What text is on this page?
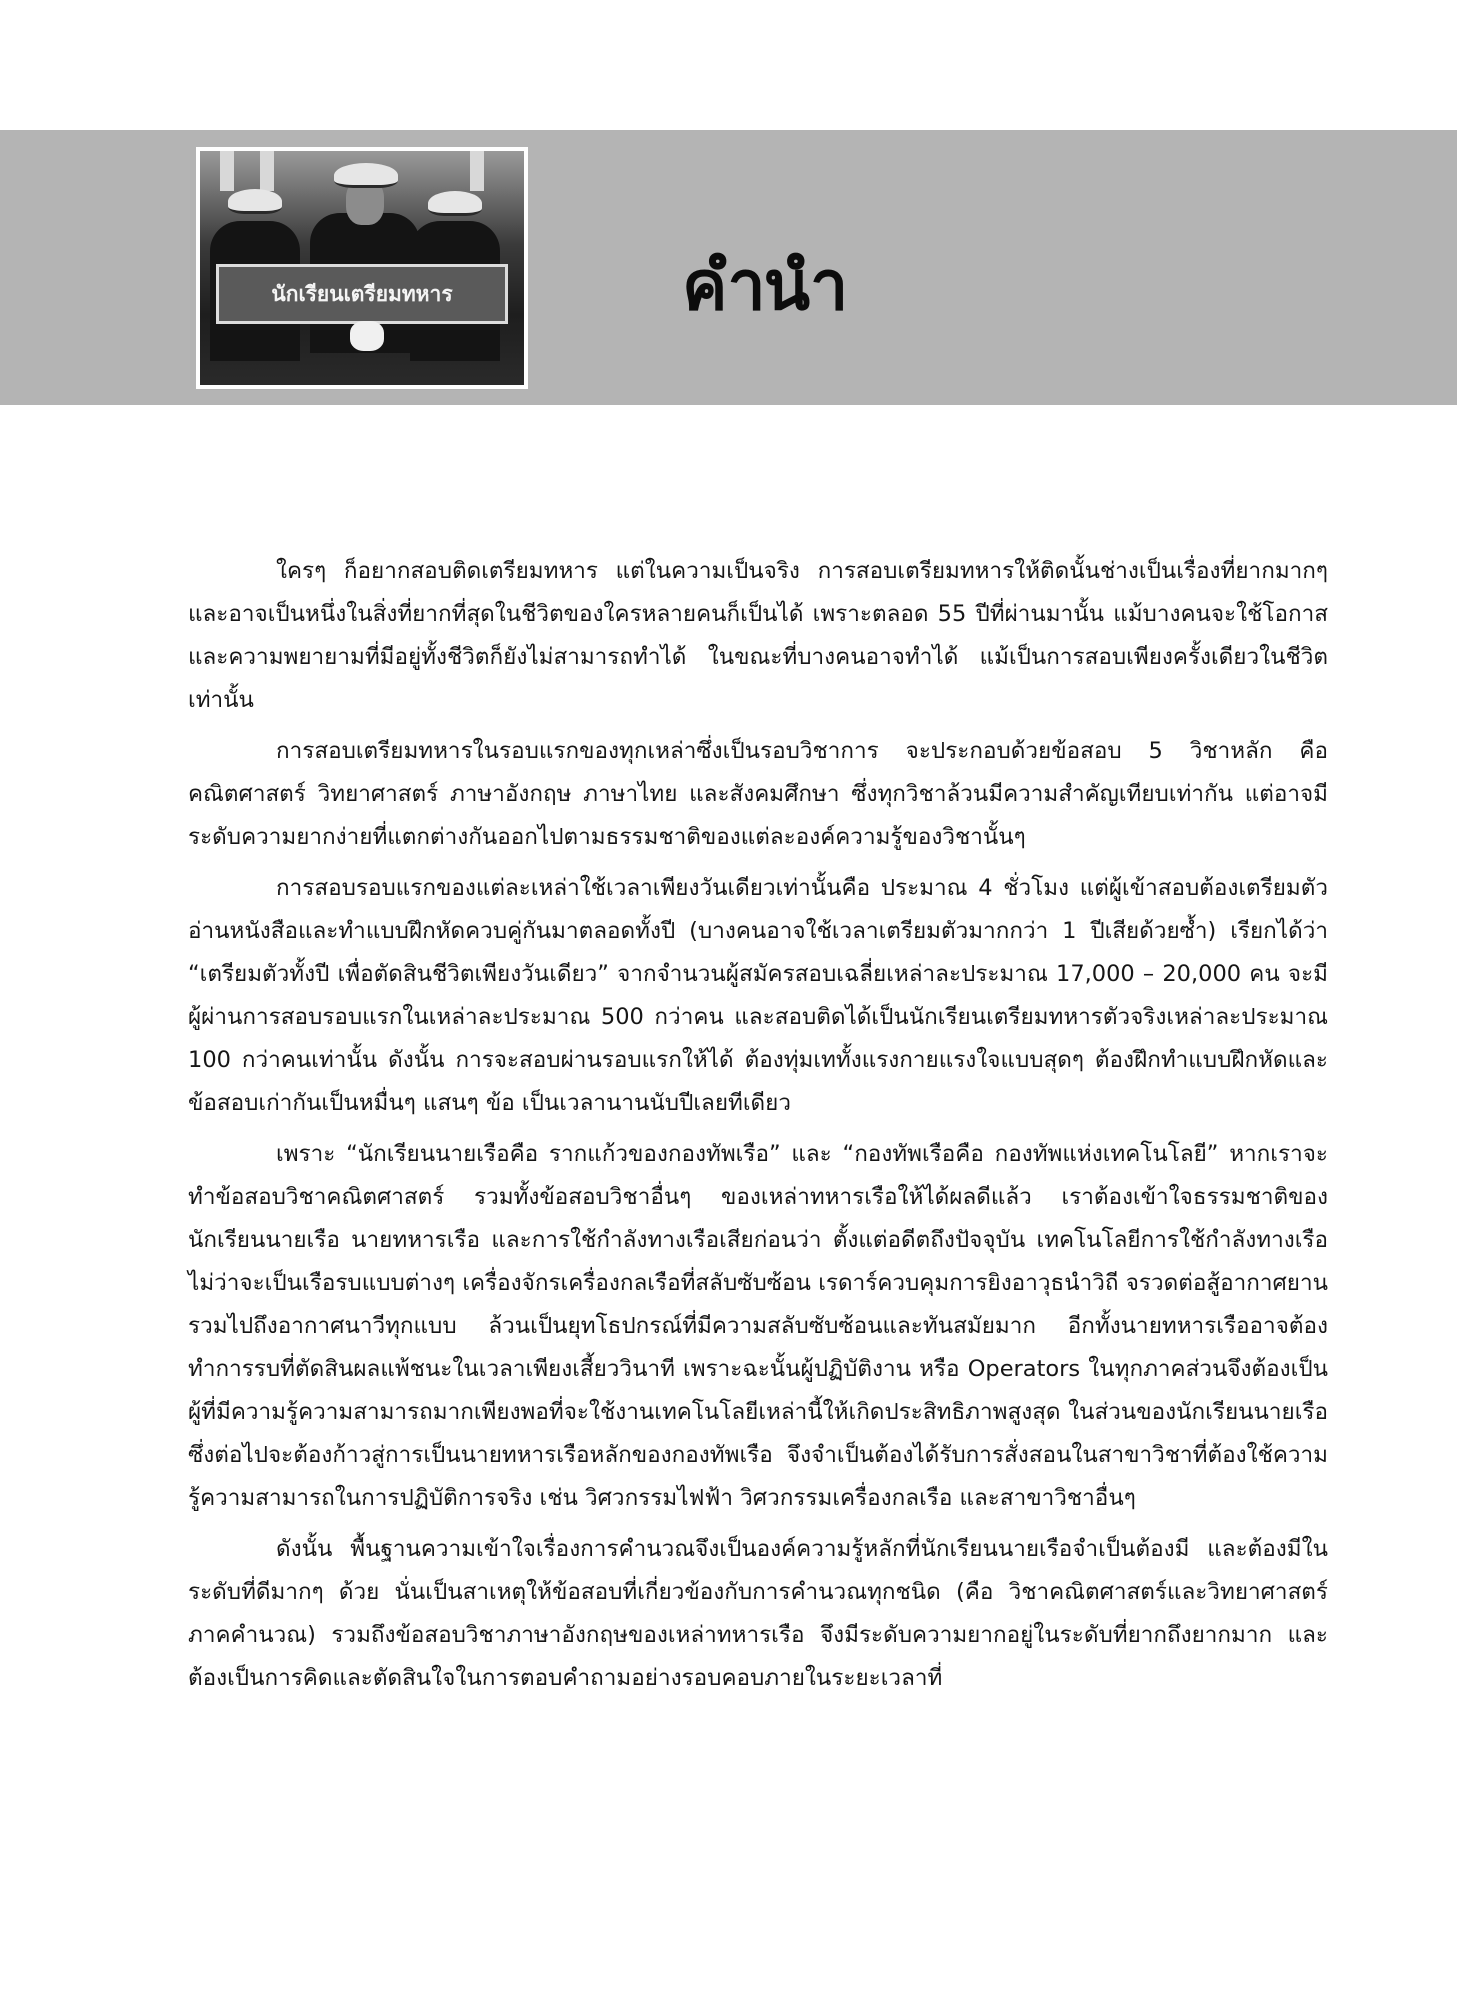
นักเรียนเตรียมทหาร	คำนำ

ใครๆ ก็อยากสอบติดเตรียมทหาร แต่ในความเป็นจริง การสอบเตรียมทหารให้ติดนั้นช่างเป็นเรื่องที่ยากมากๆ และอาจเป็นหนึ่งในสิ่งที่ยากที่สุดในชีวิตของใครหลายคนก็เป็นได้ เพราะตลอด 55 ปีที่ผ่านมานั้น แม้บางคนจะใช้โอกาสและความพยายามที่มีอยู่ทั้งชีวิตก็ยังไม่สามารถทำได้ ในขณะที่บางคนอาจทำได้ แม้เป็นการสอบเพียงครั้งเดียวในชีวิตเท่านั้น

การสอบเตรียมทหารในรอบแรกของทุกเหล่าซึ่งเป็นรอบวิชาการ จะประกอบด้วยข้อสอบ 5 วิชาหลัก คือ คณิตศาสตร์ วิทยาศาสตร์ ภาษาอังกฤษ ภาษาไทย และสังคมศึกษา ซึ่งทุกวิชาล้วนมีความสำคัญเทียบเท่ากัน แต่อาจมีระดับความยากง่ายที่แตกต่างกันออกไปตามธรรมชาติของแต่ละองค์ความรู้ของวิชานั้นๆ

การสอบรอบแรกของแต่ละเหล่าใช้เวลาเพียงวันเดียวเท่านั้นคือ ประมาณ 4 ชั่วโมง แต่ผู้เข้าสอบต้องเตรียมตัวอ่านหนังสือและทำแบบฝึกหัดควบคู่กันมาตลอดทั้งปี (บางคนอาจใช้เวลาเตรียมตัวมากกว่า 1 ปีเสียด้วยซ้ำ) เรียกได้ว่า “เตรียมตัวทั้งปี เพื่อตัดสินชีวิตเพียงวันเดียว” จากจำนวนผู้สมัครสอบเฉลี่ยเหล่าละประมาณ 17,000 – 20,000 คน จะมีผู้ผ่านการสอบรอบแรกในเหล่าละประมาณ 500 กว่าคน และสอบติดได้เป็นนักเรียนเตรียมทหารตัวจริงเหล่าละประมาณ 100 กว่าคนเท่านั้น ดังนั้น การจะสอบผ่านรอบแรกให้ได้ ต้องทุ่มเททั้งแรงกายแรงใจแบบสุดๆ ต้องฝึกทำแบบฝึกหัดและข้อสอบเก่ากันเป็นหมื่นๆ แสนๆ ข้อ เป็นเวลานานนับปีเลยทีเดียว

เพราะ “นักเรียนนายเรือคือ รากแก้วของกองทัพเรือ” และ “กองทัพเรือคือ กองทัพแห่งเทคโนโลยี” หากเราจะทำข้อสอบวิชาคณิตศาสตร์ รวมทั้งข้อสอบวิชาอื่นๆ ของเหล่าทหารเรือให้ได้ผลดีแล้ว เราต้องเข้าใจธรรมชาติของนักเรียนนายเรือ นายทหารเรือ และการใช้กำลังทางเรือเสียก่อนว่า ตั้งแต่อดีตถึงปัจจุบัน เทคโนโลยีการใช้กำลังทางเรือไม่ว่าจะเป็นเรือรบแบบต่างๆ เครื่องจักรเครื่องกลเรือที่สลับซับซ้อน เรดาร์ควบคุมการยิงอาวุธนำวิถี จรวดต่อสู้อากาศยาน รวมไปถึงอากาศนาวีทุกแบบ ล้วนเป็นยุทโธปกรณ์ที่มีความสลับซับซ้อนและทันสมัยมาก อีกทั้งนายทหารเรืออาจต้องทำการรบที่ตัดสินผลแพ้ชนะในเวลาเพียงเสี้ยววินาที เพราะฉะนั้นผู้ปฏิบัติงาน หรือ Operators ในทุกภาคส่วนจึงต้องเป็นผู้ที่มีความรู้ความสามารถมากเพียงพอที่จะใช้งานเทคโนโลยีเหล่านี้ให้เกิดประสิทธิภาพสูงสุด ในส่วนของนักเรียนนายเรือซึ่งต่อไปจะต้องก้าวสู่การเป็นนายทหารเรือหลักของกองทัพเรือ จึงจำเป็นต้องได้รับการสั่งสอนในสาขาวิชาที่ต้องใช้ความรู้ความสามารถในการปฏิบัติการจริง เช่น วิศวกรรมไฟฟ้า วิศวกรรมเครื่องกลเรือ และสาขาวิชาอื่นๆ

ดังนั้น พื้นฐานความเข้าใจเรื่องการคำนวณจึงเป็นองค์ความรู้หลักที่นักเรียนนายเรือจำเป็นต้องมี และต้องมีในระดับที่ดีมากๆ ด้วย นั่นเป็นสาเหตุให้ข้อสอบที่เกี่ยวข้องกับการคำนวณทุกชนิด (คือ วิชาคณิตศาสตร์และวิทยาศาสตร์ภาคคำนวณ) รวมถึงข้อสอบวิชาภาษาอังกฤษของเหล่าทหารเรือ จึงมีระดับความยากอยู่ในระดับที่ยากถึงยากมาก และต้องเป็นการคิดและตัดสินใจในการตอบคำถามอย่างรอบคอบภายในระยะเวลาที่
